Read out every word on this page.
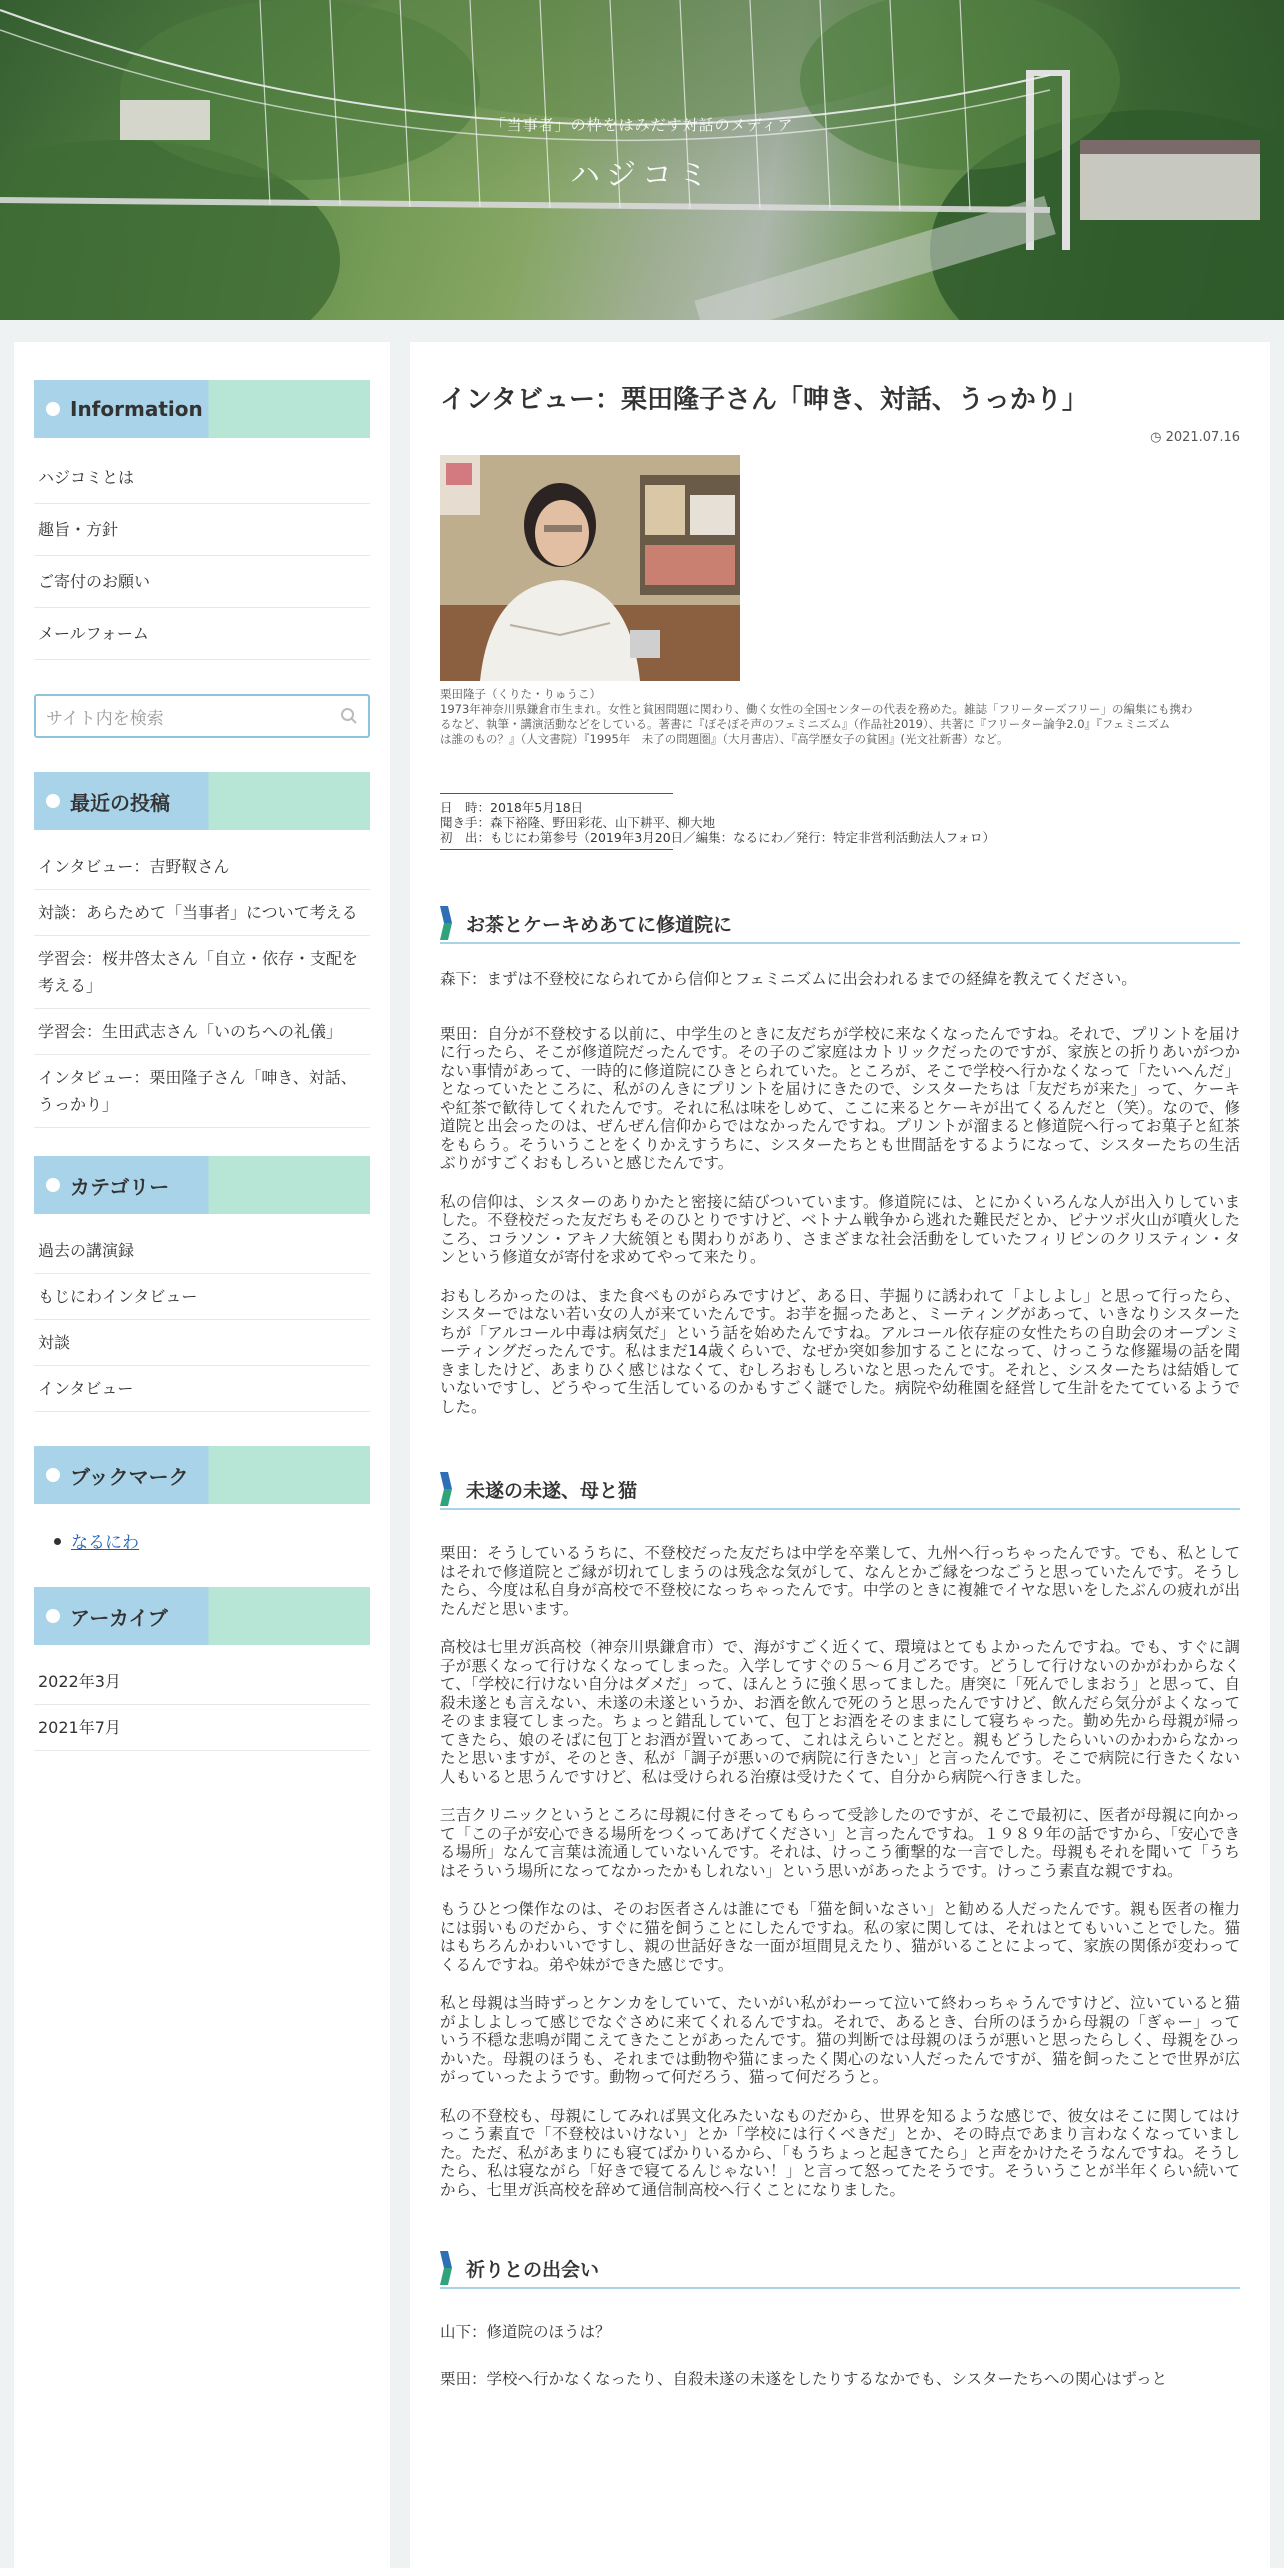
「当事者」の枠をはみだす対話のメディア
ハジコミ
Information
ハジコミとは
趣旨・方針
ご寄付のお願い
メールフォーム
サイト内を検索
最近の投稿
インタビュー：吉野靫さん
対談：あらためて「当事者」について考える
学習会：桜井啓太さん「自立・依存・支配を考える」
学習会：生田武志さん「いのちへの礼儀」
インタビュー：栗田隆子さん「呻き、対話、うっかり」
カテゴリー
過去の講演録
もじにわインタビュー
対談
インタビュー
ブックマーク
なるにわ
アーカイブ
2022年3月
2021年7月
インタビュー：栗田隆子さん「呻き、対話、うっかり」
◷ 2021.07.16
栗田隆子（くりた・りゅうこ）
1973年神奈川県鎌倉市生まれ。女性と貧困問題に関わり、働く女性の全国センターの代表を務めた。雑誌「フリーターズフリー」の編集にも携わ
るなど、執筆・講演活動などをしている。著書に『ぼそぼそ声のフェミニズム』（作品社2019）、共著に『フリーター論争2.0』『フェミニズム
は誰のもの？』（人文書院）『1995年　未了の問題圏』（大月書店）、『高学歴女子の貧困』(光文社新書）など。
日　時：2018年5月18日
聞き手：森下裕隆、野田彩花、山下耕平、柳大地
初　出：もじにわ第参号（2019年3月20日／編集：なるにわ／発行：特定非営利活動法人フォロ）
お茶とケーキめあてに修道院に
森下：まずは不登校になられてから信仰とフェミニズムに出会われるまでの経緯を教えてください。
栗田：自分が不登校する以前に、中学生のときに友だちが学校に来なくなったんですね。それで、プリントを届けに行ったら、そこが修道院だったんです。その子のご家庭はカトリックだったのですが、家族との折りあいがつかない事情があって、一時的に修道院にひきとられていた。ところが、そこで学校へ行かなくなって「たいへんだ」となっていたところに、私がのんきにプリントを届けにきたので、シスターたちは「友だちが来た」って、ケーキや紅茶で歓待してくれたんです。それに私は味をしめて、ここに来るとケーキが出てくるんだと（笑）。なので、修道院と出会ったのは、ぜんぜん信仰からではなかったんですね。プリントが溜まると修道院へ行ってお菓子と紅茶をもらう。そういうことをくりかえすうちに、シスターたちとも世間話をするようになって、シスターたちの生活ぶりがすごくおもしろいと感じたんです。
私の信仰は、シスターのありかたと密接に結びついています。修道院には、とにかくいろんな人が出入りしていました。不登校だった友だちもそのひとりですけど、ベトナム戦争から逃れた難民だとか、ピナツボ火山が噴火したころ、コラソン・アキノ大統領とも関わりがあり、さまざまな社会活動をしていたフィリピンのクリスティン・タンという修道女が寄付を求めてやって来たり。
おもしろかったのは、また食べものがらみですけど、ある日、芋掘りに誘われて「よしよし」と思って行ったら、シスターではない若い女の人が来ていたんです。お芋を掘ったあと、ミーティングがあって、いきなりシスターたちが「アルコール中毒は病気だ」という話を始めたんですね。アルコール依存症の女性たちの自助会のオープンミーティングだったんです。私はまだ14歳くらいで、なぜか突如参加することになって、けっこうな修羅場の話を聞きましたけど、あまりひく感じはなくて、むしろおもしろいなと思ったんです。それと、シスターたちは結婚していないですし、どうやって生活しているのかもすごく謎でした。病院や幼稚園を経営して生計をたてているようでした。
未遂の未遂、母と猫
栗田：そうしているうちに、不登校だった友だちは中学を卒業して、九州へ行っちゃったんです。でも、私としてはそれで修道院とご縁が切れてしまうのは残念な気がして、なんとかご縁をつなごうと思っていたんです。そうしたら、今度は私自身が高校で不登校になっちゃったんです。中学のときに複雑でイヤな思いをしたぶんの疲れが出たんだと思います。
高校は七里ガ浜高校（神奈川県鎌倉市）で、海がすごく近くて、環境はとてもよかったんですね。でも、すぐに調子が悪くなって行けなくなってしまった。入学してすぐの５～６月ごろです。どうして行けないのかがわからなくて、「学校に行けない自分はダメだ」って、ほんとうに強く思ってました。唐突に「死んでしまおう」と思って、自殺未遂とも言えない、未遂の未遂というか、お酒を飲んで死のうと思ったんですけど、飲んだら気分がよくなってそのまま寝てしまった。ちょっと錯乱していて、包丁とお酒をそのままにして寝ちゃった。勤め先から母親が帰ってきたら、娘のそばに包丁とお酒が置いてあって、これはえらいことだと。親もどうしたらいいのかわからなかったと思いますが、そのとき、私が「調子が悪いので病院に行きたい」と言ったんです。そこで病院に行きたくない人もいると思うんですけど、私は受けられる治療は受けたくて、自分から病院へ行きました。
三吉クリニックというところに母親に付きそってもらって受診したのですが、そこで最初に、医者が母親に向かって「この子が安心できる場所をつくってあげてください」と言ったんですね。１９８９年の話ですから、「安心できる場所」なんて言葉は流通していないんです。それは、けっこう衝撃的な一言でした。母親もそれを聞いて「うちはそういう場所になってなかったかもしれない」という思いがあったようです。けっこう素直な親ですね。
もうひとつ傑作なのは、そのお医者さんは誰にでも「猫を飼いなさい」と勧める人だったんです。親も医者の権力には弱いものだから、すぐに猫を飼うことにしたんですね。私の家に関しては、それはとてもいいことでした。猫はもちろんかわいいですし、親の世話好きな一面が垣間見えたり、猫がいることによって、家族の関係が変わってくるんですね。弟や妹ができた感じです。
私と母親は当時ずっとケンカをしていて、たいがい私がわーって泣いて終わっちゃうんですけど、泣いていると猫がよしよしって感じでなぐさめに来てくれるんですね。それで、あるとき、台所のほうから母親の「ぎゃー」っていう不穏な悲鳴が聞こえてきたことがあったんです。猫の判断では母親のほうが悪いと思ったらしく、母親をひっかいた。母親のほうも、それまでは動物や猫にまったく関心のない人だったんですが、猫を飼ったことで世界が広がっていったようです。動物って何だろう、猫って何だろうと。
私の不登校も、母親にしてみれば異文化みたいなものだから、世界を知るような感じで、彼女はそこに関してはけっこう素直で「不登校はいけない」とか「学校には行くべきだ」とか、その時点であまり言わなくなっていました。ただ、私があまりにも寝てばかりいるから、「もうちょっと起きてたら」と声をかけたそうなんですね。そうしたら、私は寝ながら「好きで寝てるんじゃない！」と言って怒ってたそうです。そういうことが半年くらい続いてから、七里ガ浜高校を辞めて通信制高校へ行くことになりました。
祈りとの出会い
山下：修道院のほうは？
栗田：学校へ行かなくなったり、自殺未遂の未遂をしたりするなかでも、シスターたちへの関心はずっと
